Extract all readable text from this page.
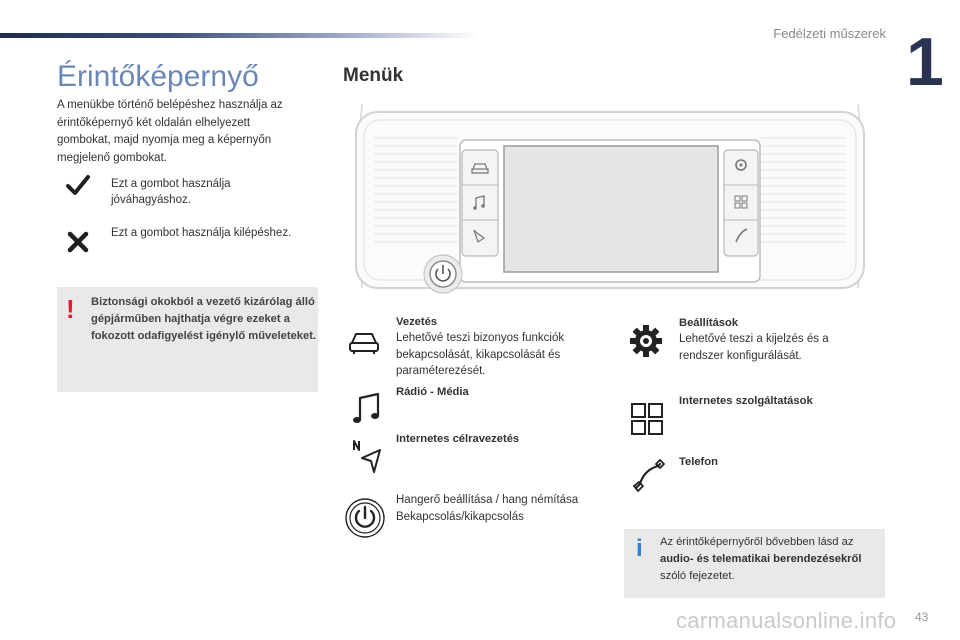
Fedélzeti műszerek 1
Érintőképernyő
A menükbe történő belépéshez használja az érintőképernyő két oldalán elhelyezett gombokat, majd nyomja meg a képernyőn megjelenő gombokat.
Ezt a gombot használja jóváhagyáshoz.
Ezt a gombot használja kilépéshez.
! Biztonsági okokból a vezető kizárólag álló gépjárműben hajthatja végre ezeket a fokozott odafigyelést igénylő műveleteket.
Menük
Vezetés
Lehetővé teszi bizonyos funkciók bekapcsolását, kikapcsolását és paraméterezését.
Rádió - Média
Internetes célravezetés
Hangerő beállítása / hang némítása Bekapcsolás/kikapcsolás
Beállítások
Lehetővé teszi a kijelzés és a rendszer konfigurálását.
Internetes szolgáltatások
Telefon
i Az érintőképernyőről bővebben lásd az audio- és telematikai berendezésekről szóló fejezetet.
carmanualsonline.info 43
